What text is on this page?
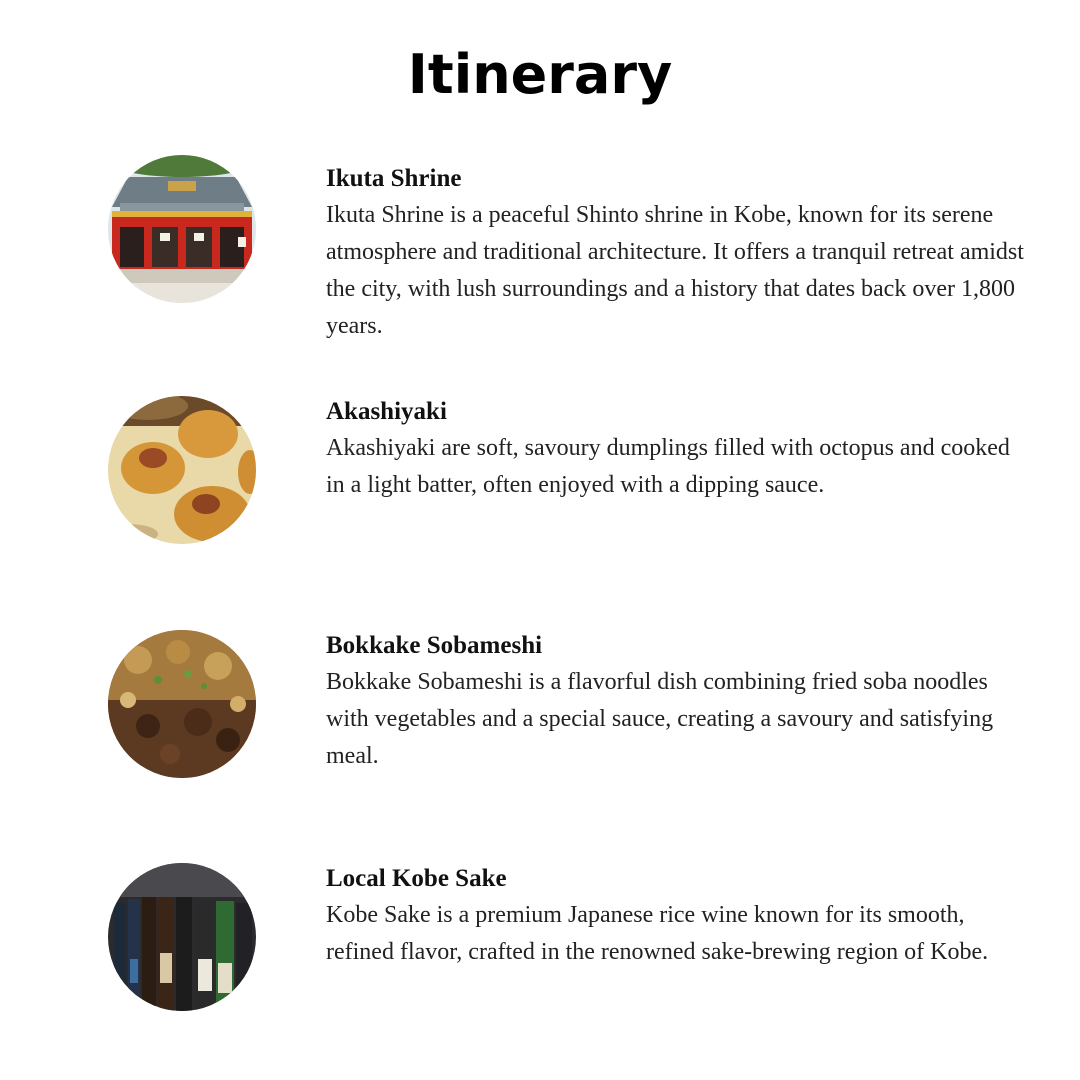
Itinerary
Ikuta Shrine

Ikuta Shrine is a peaceful Shinto shrine in Kobe, known for its serene atmosphere and traditional architecture. It offers a tranquil retreat amidst the city, with lush surroundings and a history that dates back over 1,800 years.

Akashiyaki

Akashiyaki are soft, savoury dumplings filled with octopus and cooked in a light batter, often enjoyed with a dipping sauce.

Bokkake Sobameshi

Bokkake Sobameshi is a flavorful dish combining fried soba noodles with vegetables and a special sauce, creating a savoury and satisfying meal.

Local Kobe Sake

Kobe Sake is a premium Japanese rice wine known for its smooth, refined flavor, crafted in the renowned sake-brewing region of Kobe.
